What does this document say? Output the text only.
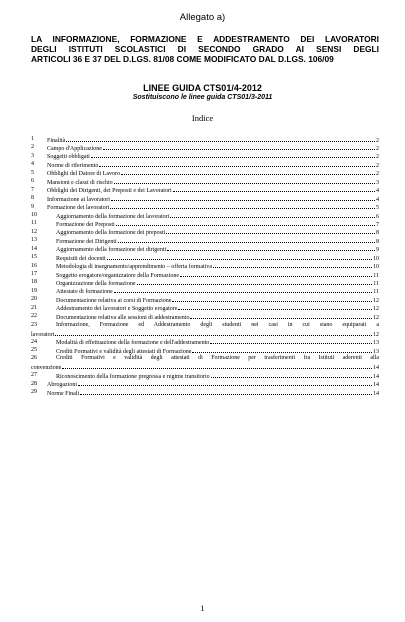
Allegato a)
LA INFORMAZIONE, FORMAZIONE E ADDESTRAMENTO DEI LAVORATORI
DEGLI ISTITUTI SCOLASTICI DI SECONDO GRADO AI SENSI DEGLI
ARTICOLI 36 E 37 DEL D.LGS. 81/08 COME MODIFICATO DAL D.LGS. 106/09
LINEE GUIDA CTS01/4-2012
Sostituiscono le linee guida CTS01/3-2011
Indice
1 Finalità	2
2 Campo d'Applicazione	2
3 Soggetti obbligati	2
4 Norme di riferimento	2
5 Obblighi del Datore di Lavoro	2
6 Mansioni e classi di rischio	3
7 Obblighi dei Dirigenti, dei Preposti e dei Lavoratori	4
8 Informazione ai lavoratori	4
9 Formazione dei lavoratori	5
10	Aggiornamento della formazione dei lavoratori	6
11	Formazione dei Preposti	7
12	Aggiornamento della formazione dei preposti	8
13	Formazione dei Dirigenti	8
14	Aggiornamento della formazione dei dirigenti	9
15	Requisiti dei docenti	10
16	Metodologia di insegnamento/apprendimento – offerta formativa	10
17	Soggetto erogatore/organizzatore della Formazione	11
18	Organizzazione della formazione	11
19	Attestato di formazione	11
20	Documentazione relativa ai corsi di Formazione	12
21	Addestramento dei lavoratori e Soggetto erogatore	12
22	Documentazione relativa alle sessioni di addestramento	12
23	Informazione, Formazione ed Addestramento degli studenti nei casi in cui siano equiparati a
lavoratori	12
24	Modalità di effettuazione della formazione e dell'addestramento	13
25	Crediti Formativi e validità degli attestati di Formazione	13
26	Crediti Formativi e validità degli attestati di Formazione per trasferimenti fra Istituti aderenti alla
convenzione	14
27	Riconoscimento della formazione pregressa e regime transitorio	14
28 Abrogazioni	14
29 Norme Finali	14
1
